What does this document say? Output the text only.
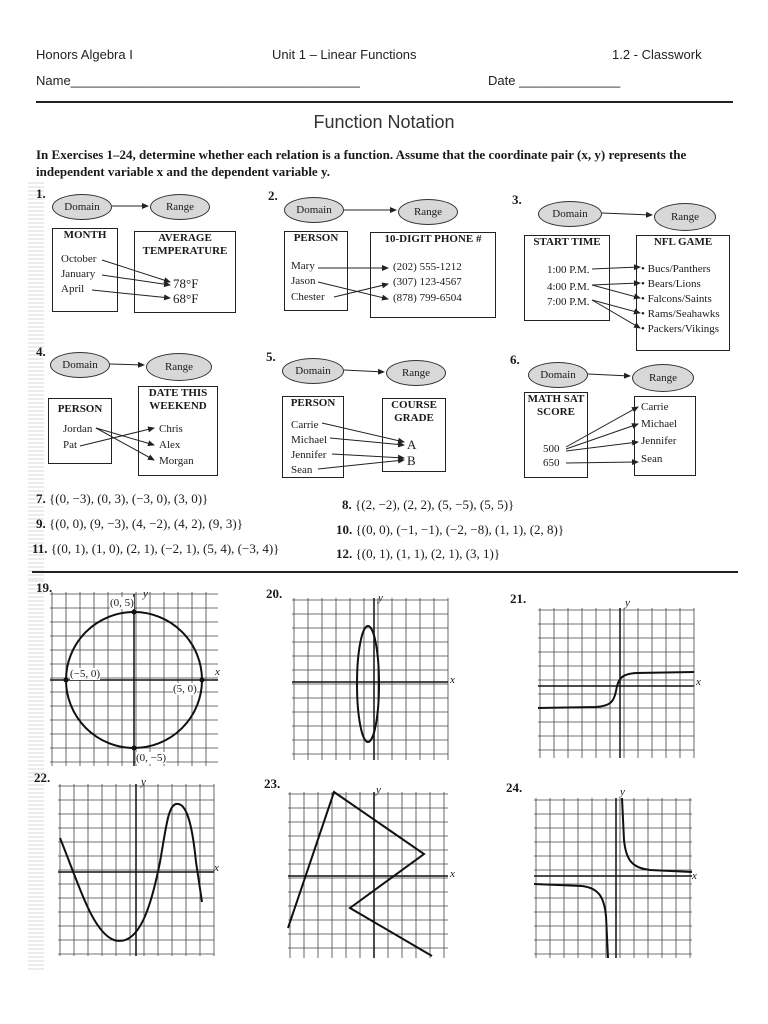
Honors Algebra I	Unit 1 – Linear Functions	1.2 - Classwork
Name________________________________________	Date ______________
Function Notation
In Exercises 1–24, determine whether each relation is a function. Assume that the coordinate pair (x, y) represents the independent variable x and the dependent variable y.
1.
Domain	Range
MONTH
October
January
April
AVERAGE TEMPERATURE
78°F
68°F
2.
Domain	Range
PERSON
Mary
Jason
Chester
10-DIGIT PHONE #
(202) 555-1212
(307) 123-4567
(878) 799-6504
3.
Domain	Range
START TIME
1:00 P.M.
4:00 P.M.
7:00 P.M.
NFL GAME
• Bucs/Panthers
• Bears/Lions
• Falcons/Saints
• Rams/Seahawks
• Packers/Vikings
4.
Domain	Range
PERSON
Jordan
Pat
DATE THIS WEEKEND
Chris
Alex
Morgan
5.
Domain	Range
PERSON
Carrie
Michael
Jennifer
Sean
COURSE GRADE
A
B
6.
Domain	Range
MATH SAT SCORE
500
650
Carrie
Michael
Jennifer
Sean
7. {(0, −3), (0, 3), (−3, 0), (3, 0)}	8. {(2, −2), (2, 2), (5, −5), (5, 5)}
9. {(0, 0), (9, −3), (4, −2), (4, 2), (9, 3)}	10. {(0, 0), (−1, −1), (−2, −8), (1, 1), (2, 8)}
11. {(0, 1), (1, 0), (2, 1), (−2, 1), (5, 4), (−3, 4)}	12. {(0, 1), (1, 1), (2, 1), (3, 1)}
19.	20.	21.
22.	23.	24.
(0, 5)
(−5, 0)
(5, 0)
(0, −5)
y
x
y
x
y
x
y
x
y
x
y
x
